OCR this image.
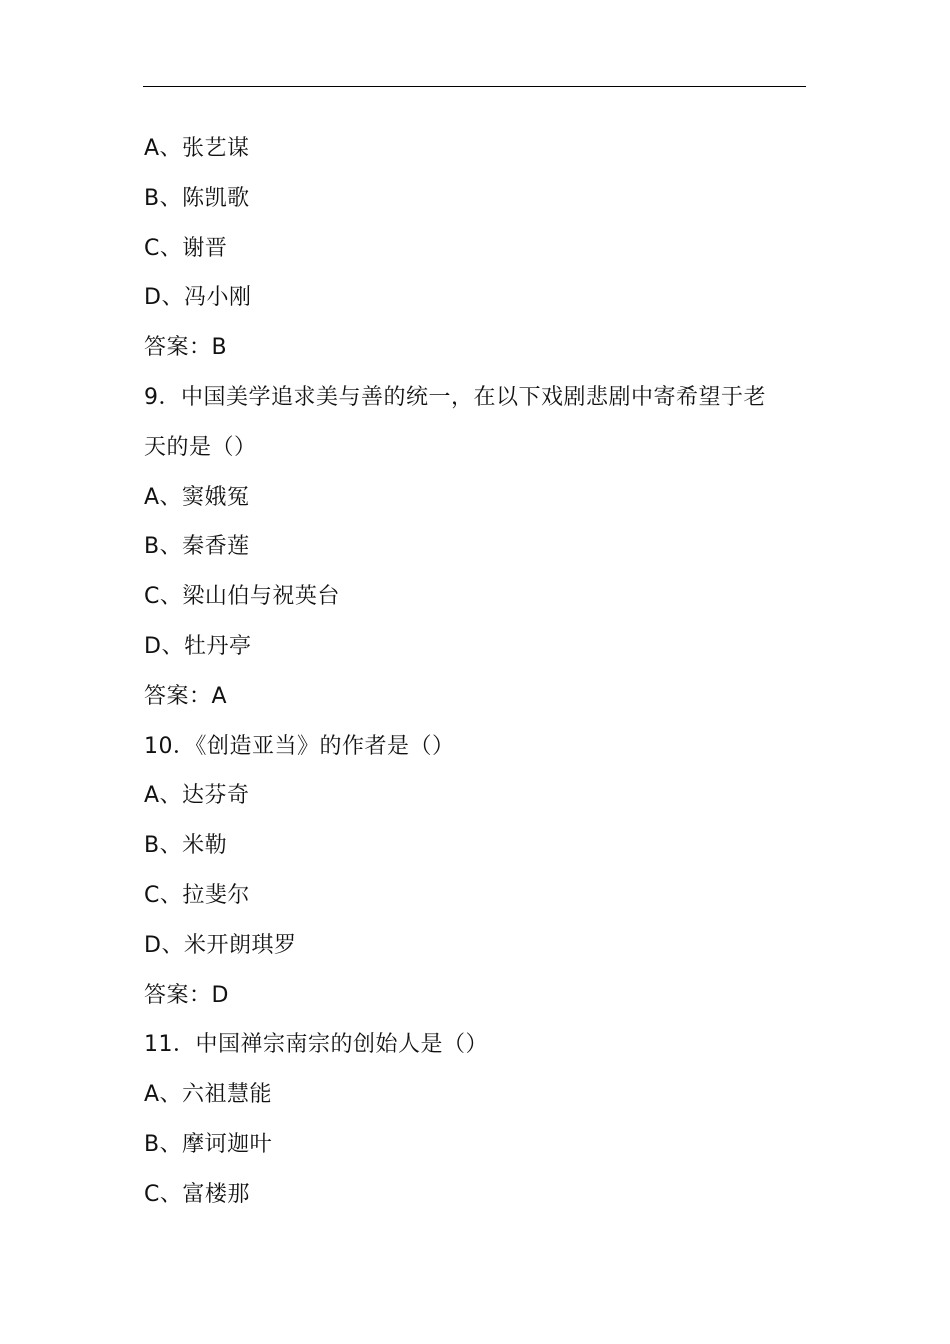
A、张艺谋
B、陈凯歌
C、谢晋
D、冯小刚
答案：B
9．中国美学追求美与善的统一，在以下戏剧悲剧中寄希望于老
天的是（）
A、窦娥冤
B、秦香莲
C、梁山伯与祝英台
D、牡丹亭
答案：A
10．《创造亚当》的作者是（）
A、达芬奇
B、米勒
C、拉斐尔
D、米开朗琪罗
答案：D
11．中国禅宗南宗的创始人是（）
A、六祖慧能
B、摩诃迦叶
C、富楼那
